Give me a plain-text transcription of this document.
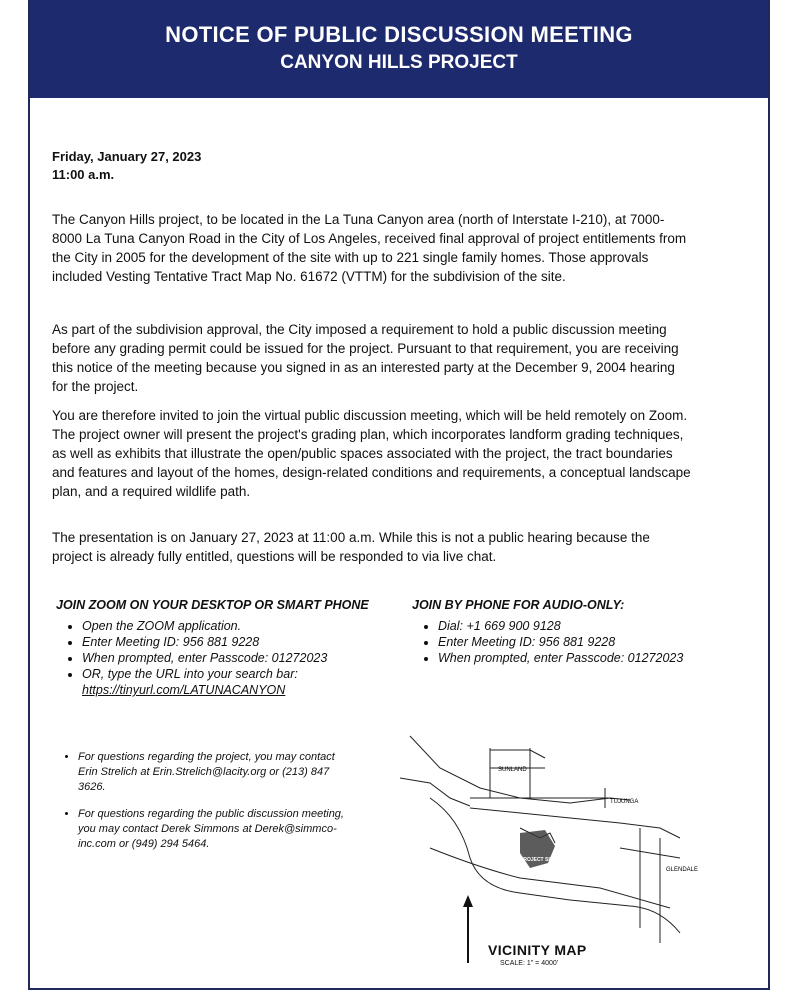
NOTICE OF PUBLIC DISCUSSION MEETING
CANYON HILLS PROJECT
Friday, January 27, 2023
11:00 a.m.
The Canyon Hills project, to be located in the La Tuna Canyon area (north of Interstate I-210), at 7000-8000 La Tuna Canyon Road in the City of Los Angeles, received final approval of project entitlements from the City in 2005 for the development of the site with up to 221 single family homes. Those approvals included Vesting Tentative Tract Map No. 61672 (VTTM) for the subdivision of the site.
As part of the subdivision approval, the City imposed a requirement to hold a public discussion meeting before any grading permit could be issued for the project. Pursuant to that requirement, you are receiving this notice of the meeting because you signed in as an interested party at the December 9, 2004 hearing for the project.
You are therefore invited to join the virtual public discussion meeting, which will be held remotely on Zoom. The project owner will present the project's grading plan, which incorporates landform grading techniques, as well as exhibits that illustrate the open/public spaces associated with the project, the tract boundaries and features and layout of the homes, design-related conditions and requirements, a conceptual landscape plan, and a required wildlife path.
The presentation is on January 27, 2023 at 11:00 a.m. While this is not a public hearing because the project is already fully entitled, questions will be responded to via live chat.
JOIN ZOOM ON YOUR DESKTOP OR SMART PHONE
• Open the ZOOM application.
• Enter Meeting ID: 956 881 9228
• When prompted, enter Passcode: 01272023
• OR, type the URL into your search bar:
https://tinyurl.com/LATUNACANYON
JOIN BY PHONE FOR AUDIO-ONLY:
• Dial: +1 669 900 9128
• Enter Meeting ID: 956 881 9228
• When prompted, enter Passcode: 01272023
• For questions regarding the project, you may contact Erin Strelich at Erin.Strelich@lacity.org or (213) 847 3626.
• For questions regarding the public discussion meeting, you may contact Derek Simmons at Derek@simmco-inc.com or (949) 294 5464.
SUNLAND
TUJUNGA
GLENDALE
PROJECT SITE
VICINITY MAP
SCALE: 1" = 4000'
